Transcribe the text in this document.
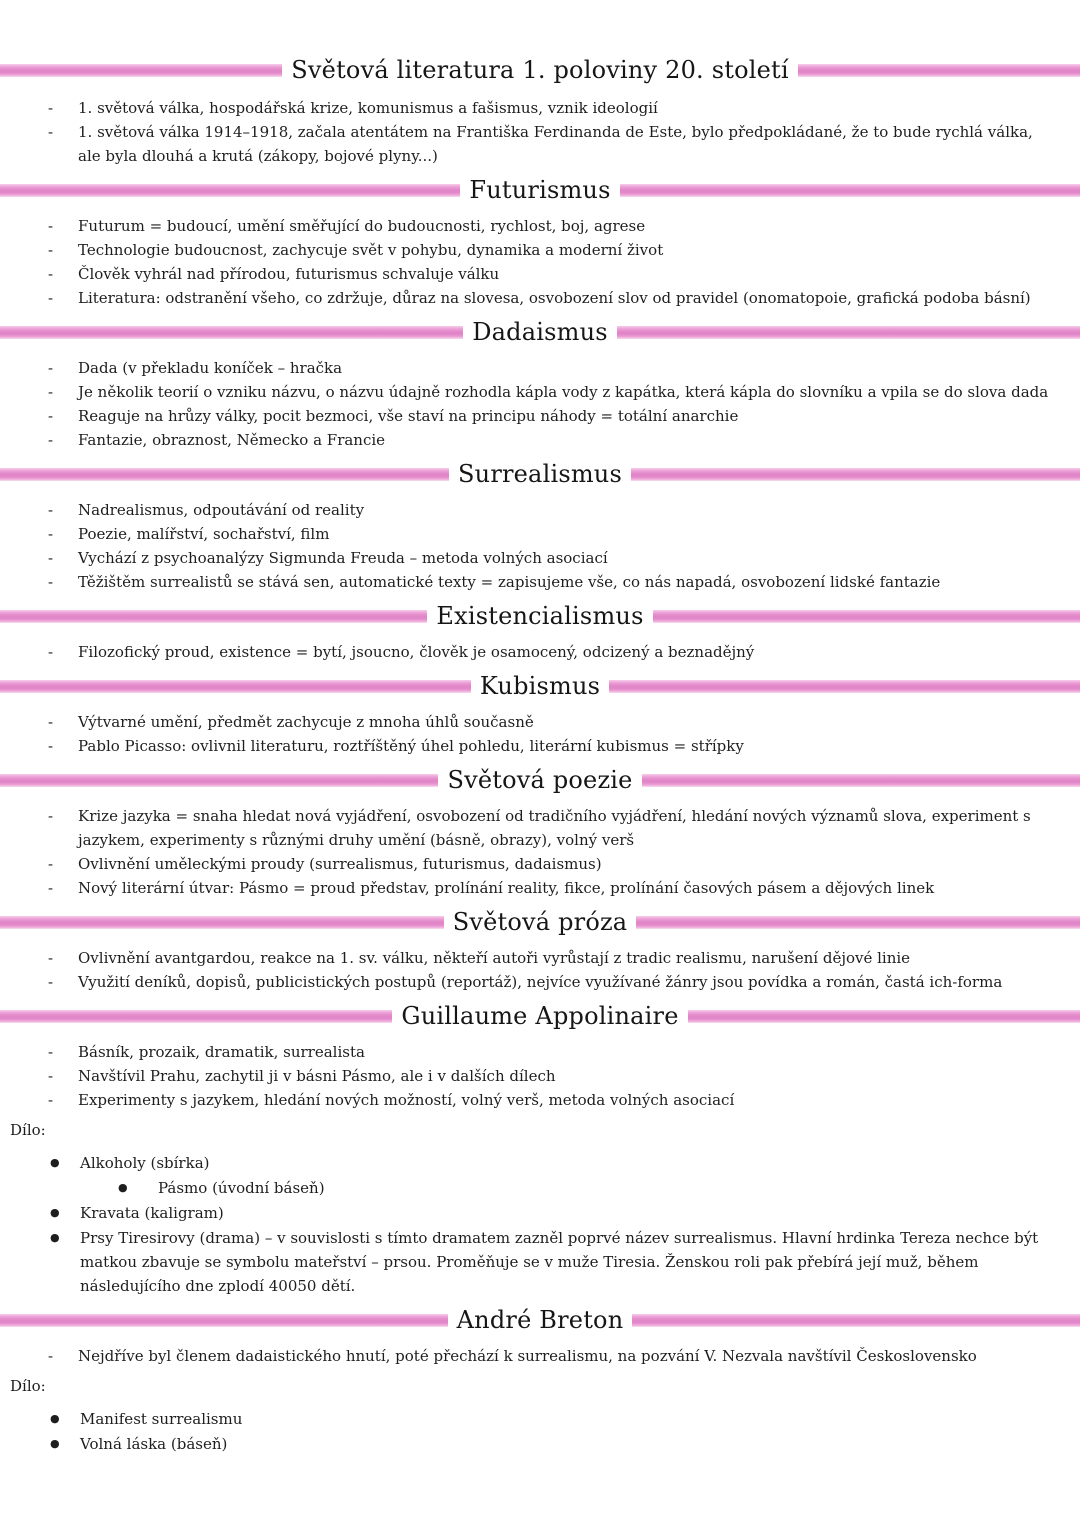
Světová literatura 1. poloviny 20. století
- 1. světová válka, hospodářská krize, komunismus a fašismus, vznik ideologií
- 1. světová válka 1914–1918, začala atentátem na Františka Ferdinanda de Este, bylo předpokládané, že to bude rychlá válka, ale byla dlouhá a krutá (zákopy, bojové plyny...)
Futurismus
- Futurum = budoucí, umění směřující do budoucnosti, rychlost, boj, agrese
- Technologie budoucnost, zachycuje svět v pohybu, dynamika a moderní život
- Člověk vyhrál nad přírodou, futurismus schvaluje válku
- Literatura: odstranění všeho, co zdržuje, důraz na slovesa, osvobození slov od pravidel (onomatopoie, grafická podoba básní)
Dadaismus
- Dada (v překladu koníček – hračka
- Je několik teorií o vzniku názvu, o názvu údajně rozhodla kápla vody z kapátka, která kápla do slovníku a vpila se do slova dada
- Reaguje na hrůzy války, pocit bezmoci, vše staví na principu náhody = totální anarchie
- Fantazie, obraznost, Německo a Francie
Surrealismus
- Nadrealismus, odpoutávání od reality
- Poezie, malířství, sochařství, film
- Vychází z psychoanalýzy Sigmunda Freuda – metoda volných asociací
- Těžištěm surrealistů se stává sen, automatické texty = zapisujeme vše, co nás napadá, osvobození lidské fantazie
Existencialismus
- Filozofický proud, existence = bytí, jsoucno, člověk je osamocený, odcizený a beznadějný
Kubismus
- Výtvarné umění, předmět zachycuje z mnoha úhlů současně
- Pablo Picasso: ovlivnil literaturu, roztříštěný úhel pohledu, literární kubismus = střípky
Světová poezie
- Krize jazyka = snaha hledat nová vyjádření, osvobození od tradičního vyjádření, hledání nových významů slova, experiment s jazykem, experimenty s různými druhy umění (básně, obrazy), volný verš
- Ovlivnění uměleckými proudy (surrealismus, futurismus, dadaismus)
- Nový literární útvar: Pásmo = proud představ, prolínání reality, fikce, prolínání časových pásem a dějových linek
Světová próza
- Ovlivnění avantgardou, reakce na 1. sv. válku, někteří autoři vyrůstají z tradic realismu, narušení dějové linie
- Využití deníků, dopisů, publicistických postupů (reportáž), nejvíce využívané žánry jsou povídka a román, častá ich-forma
Guillaume Appolinaire
- Básník, prozaik, dramatik, surrealista
- Navštívil Prahu, zachytil ji v básni Pásmo, ale i v dalších dílech
- Experimenty s jazykem, hledání nových možností, volný verš, metoda volných asociací
Dílo:
● Alkoholy (sbírka)
● Pásmo (úvodní báseň)
● Kravata (kaligram)
● Prsy Tiresirovy (drama) – v souvislosti s tímto dramatem zazněl poprvé název surrealismus. Hlavní hrdinka Tereza nechce být matkou zbavuje se symbolu mateřství – prsou. Proměňuje se v muže Tiresia. Ženskou roli pak přebírá její muž, během následujícího dne zplodí 40050 dětí.
André Breton
- Nejdříve byl členem dadaistického hnutí, poté přechází k surrealismu, na pozvání V. Nezvala navštívil Československo
Dílo:
● Manifest surrealismu
● Volná láska (báseň)
